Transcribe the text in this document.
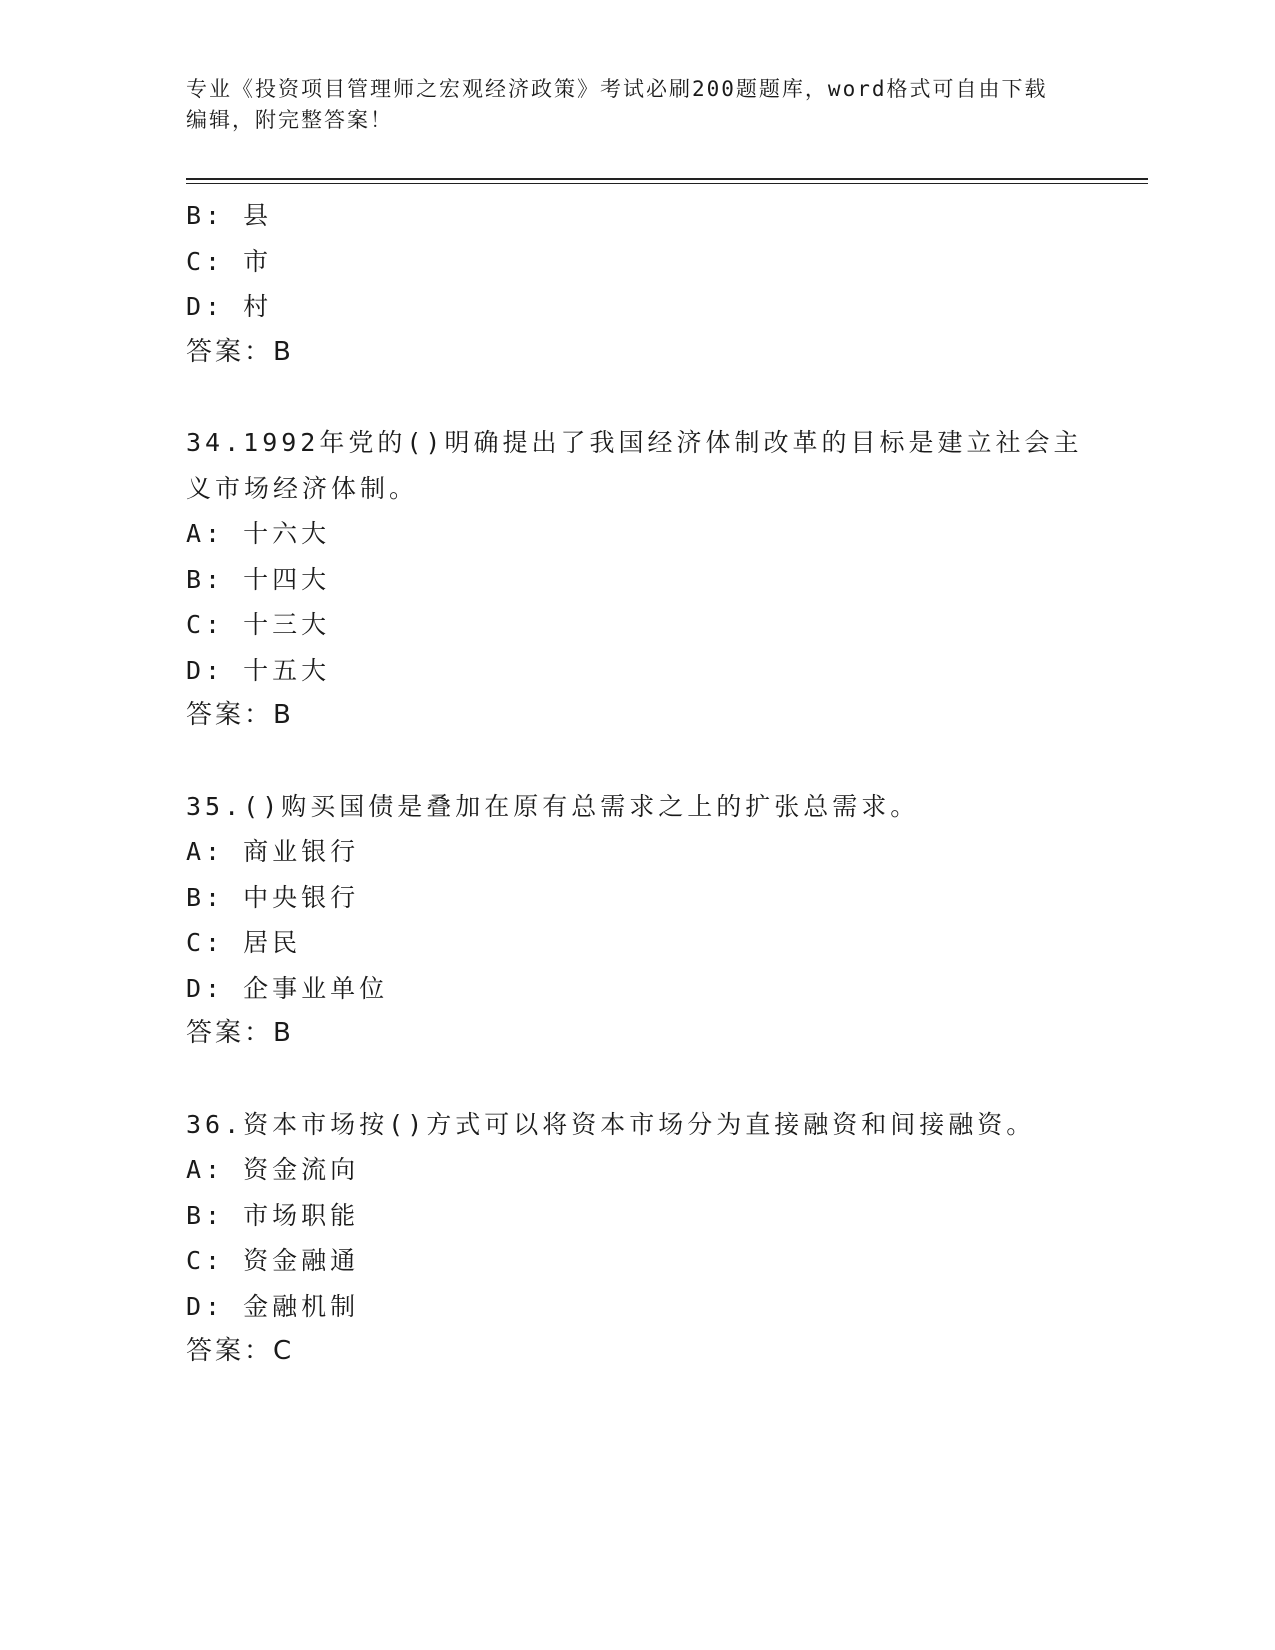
专业《投资项目管理师之宏观经济政策》考试必刷200题题库，word格式可自由下载编辑，附完整答案！
B: 县
C: 市
D: 村
答案：B
34.1992年党的()明确提出了我国经济体制改革的目标是建立社会主义市场经济体制。
A: 十六大
B: 十四大
C: 十三大
D: 十五大
答案：B
35.()购买国债是叠加在原有总需求之上的扩张总需求。
A: 商业银行
B: 中央银行
C: 居民
D: 企事业单位
答案：B
36.资本市场按()方式可以将资本市场分为直接融资和间接融资。
A: 资金流向
B: 市场职能
C: 资金融通
D: 金融机制
答案：C
